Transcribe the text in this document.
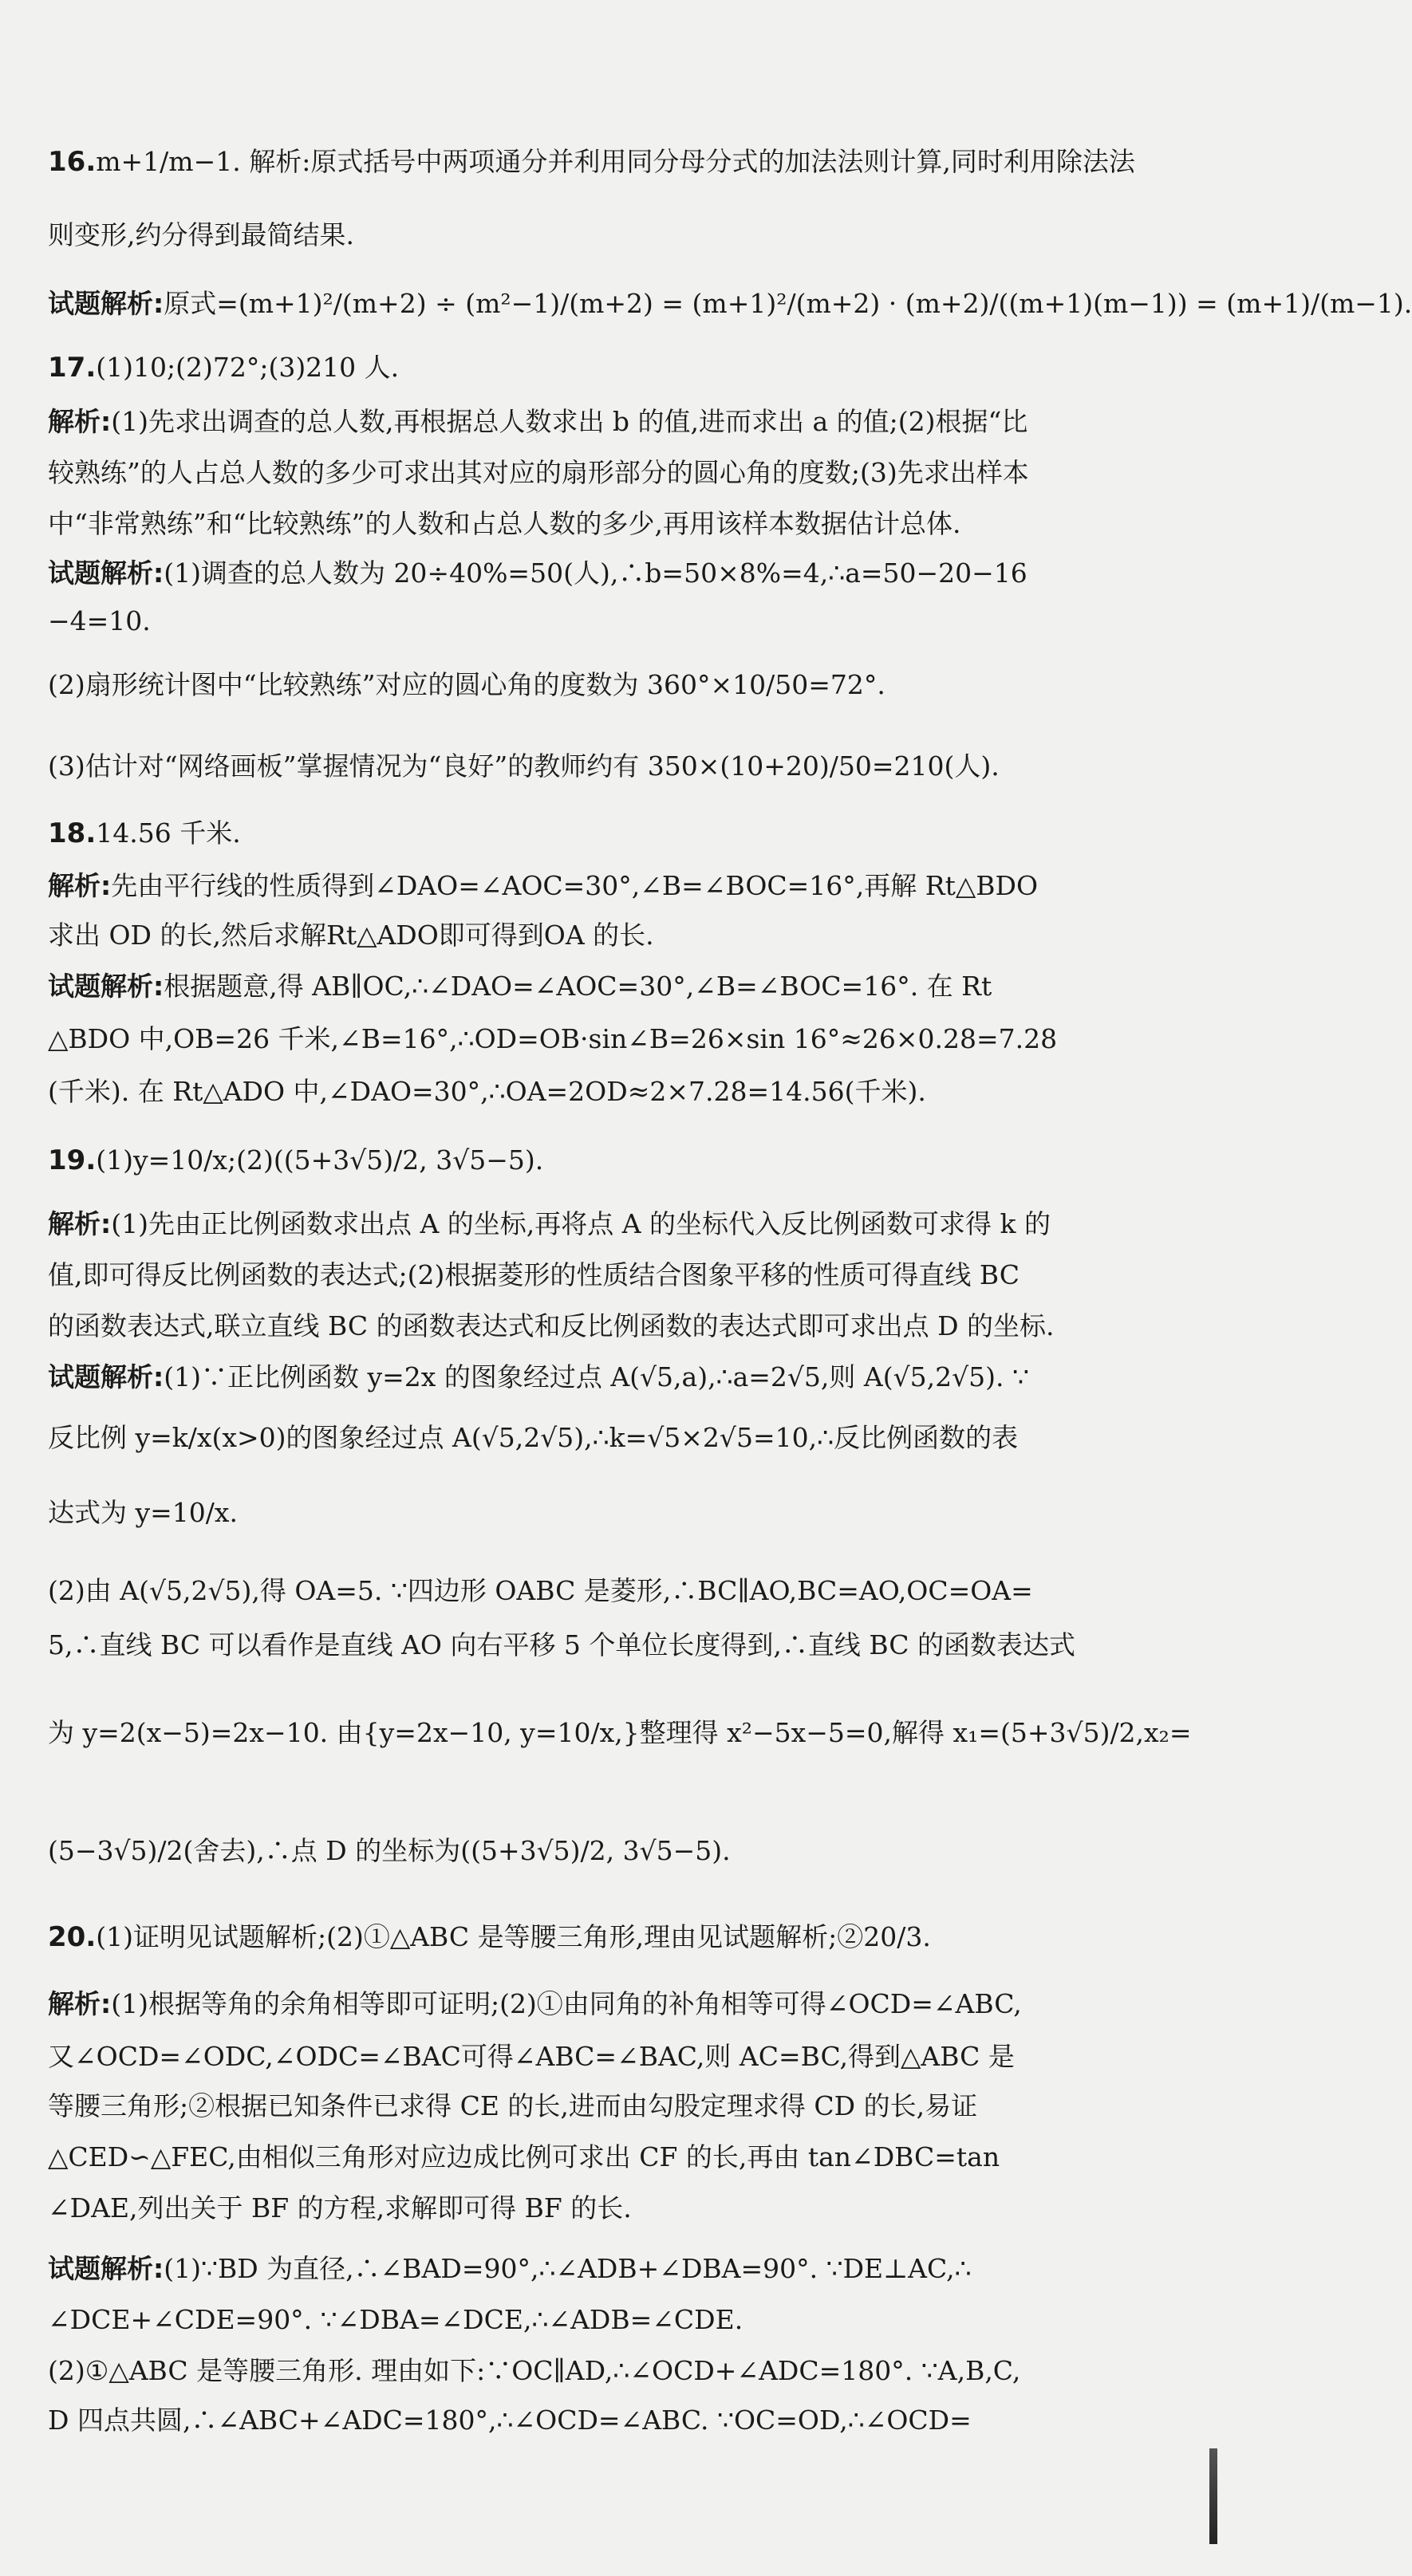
16.m+1/m−1. 解析:原式括号中两项通分并利用同分母分式的加法法则计算,同时利用除法法
则变形,约分得到最简结果.
试题解析:原式=(m+1)²/(m+2) ÷ (m²−1)/(m+2) = (m+1)²/(m+2) · (m+2)/((m+1)(m−1)) = (m+1)/(m−1).
17.(1)10;(2)72°;(3)210 人.
解析:(1)先求出调查的总人数,再根据总人数求出 b 的值,进而求出 a 的值;(2)根据“比
较熟练”的人占总人数的多少可求出其对应的扇形部分的圆心角的度数;(3)先求出样本
中“非常熟练”和“比较熟练”的人数和占总人数的多少,再用该样本数据估计总体.
试题解析:(1)调查的总人数为 20÷40%=50(人),∴b=50×8%=4,∴a=50−20−16
−4=10.
(2)扇形统计图中“比较熟练”对应的圆心角的度数为 360°×10/50=72°.
(3)估计对“网络画板”掌握情况为“良好”的教师约有 350×(10+20)/50=210(人).
18.14.56 千米.
解析:先由平行线的性质得到∠DAO=∠AOC=30°,∠B=∠BOC=16°,再解 Rt△BDO
求出 OD 的长,然后求解Rt△ADO即可得到OA 的长.
试题解析:根据题意,得 AB∥OC,∴∠DAO=∠AOC=30°,∠B=∠BOC=16°. 在 Rt
△BDO 中,OB=26 千米,∠B=16°,∴OD=OB·sin∠B=26×sin 16°≈26×0.28=7.28
(千米). 在 Rt△ADO 中,∠DAO=30°,∴OA=2OD≈2×7.28=14.56(千米).
19.(1)y=10/x;(2)((5+3√5)/2, 3√5−5).
解析:(1)先由正比例函数求出点 A 的坐标,再将点 A 的坐标代入反比例函数可求得 k 的
值,即可得反比例函数的表达式;(2)根据菱形的性质结合图象平移的性质可得直线 BC
的函数表达式,联立直线 BC 的函数表达式和反比例函数的表达式即可求出点 D 的坐标.
试题解析:(1)∵正比例函数 y=2x 的图象经过点 A(√5,a),∴a=2√5,则 A(√5,2√5). ∵
反比例 y=k/x(x>0)的图象经过点 A(√5,2√5),∴k=√5×2√5=10,∴反比例函数的表
达式为 y=10/x.
(2)由 A(√5,2√5),得 OA=5. ∵四边形 OABC 是菱形,∴BC∥AO,BC=AO,OC=OA=
5,∴直线 BC 可以看作是直线 AO 向右平移 5 个单位长度得到,∴直线 BC 的函数表达式
为 y=2(x−5)=2x−10. 由{y=2x−10, y=10/x,}整理得 x²−5x−5=0,解得 x₁=(5+3√5)/2,x₂=
(5−3√5)/2(舍去),∴点 D 的坐标为((5+3√5)/2, 3√5−5).
20.(1)证明见试题解析;(2)①△ABC 是等腰三角形,理由见试题解析;②20/3.
解析:(1)根据等角的余角相等即可证明;(2)①由同角的补角相等可得∠OCD=∠ABC,
又∠OCD=∠ODC,∠ODC=∠BAC可得∠ABC=∠BAC,则 AC=BC,得到△ABC 是
等腰三角形;②根据已知条件已求得 CE 的长,进而由勾股定理求得 CD 的长,易证
△CED∽△FEC,由相似三角形对应边成比例可求出 CF 的长,再由 tan∠DBC=tan
∠DAE,列出关于 BF 的方程,求解即可得 BF 的长.
试题解析:(1)∵BD 为直径,∴∠BAD=90°,∴∠ADB+∠DBA=90°. ∵DE⊥AC,∴
∠DCE+∠CDE=90°. ∵∠DBA=∠DCE,∴∠ADB=∠CDE.
(2)①△ABC 是等腰三角形. 理由如下:∵OC∥AD,∴∠OCD+∠ADC=180°. ∵A,B,C,
D 四点共圆,∴∠ABC+∠ADC=180°,∴∠OCD=∠ABC. ∵OC=OD,∴∠OCD=
